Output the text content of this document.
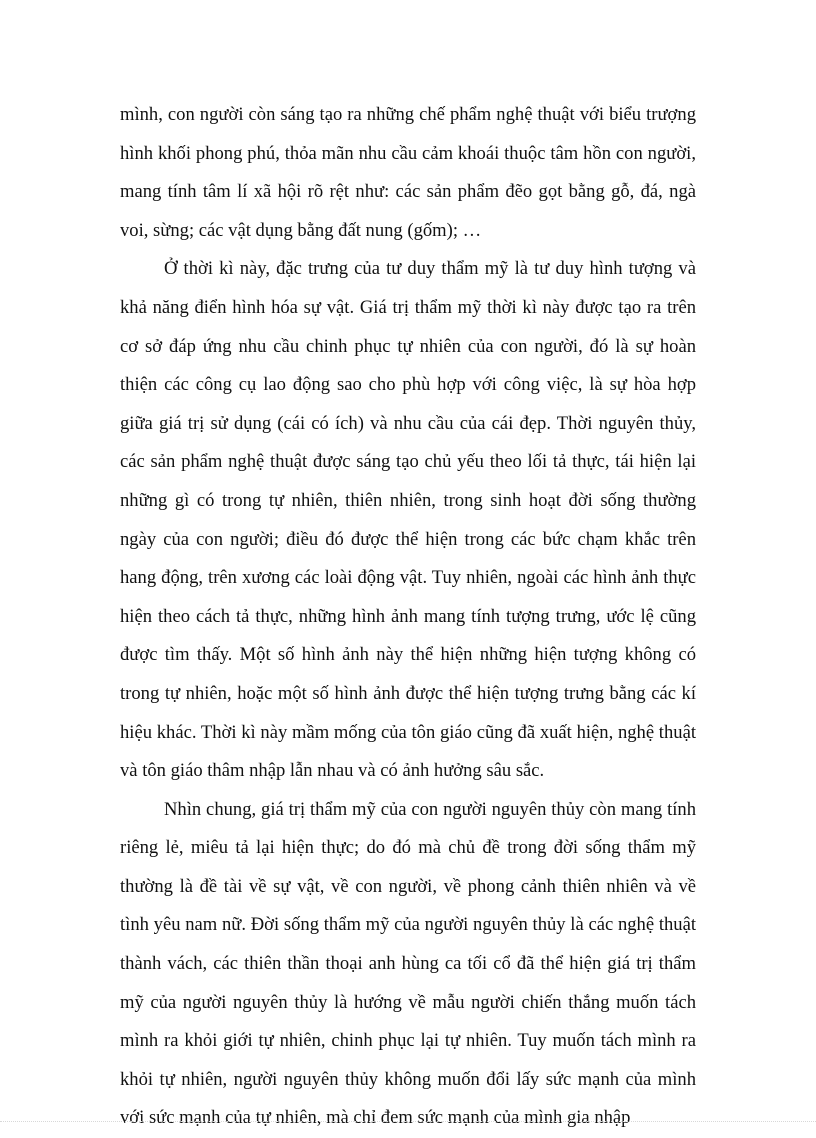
mình, con người còn sáng tạo ra những chế phẩm nghệ thuật với biểu trượng hình khối phong phú, thỏa mãn nhu cầu cảm khoái thuộc tâm hồn con người, mang tính tâm lí xã hội rõ rệt như: các sản phẩm đẽo gọt bằng gỗ, đá, ngà voi, sừng; các vật dụng bằng đất nung (gốm); …

Ở thời kì này, đặc trưng của tư duy thẩm mỹ là tư duy hình tượng và khả năng điển hình hóa sự vật. Giá trị thẩm mỹ thời kì này được tạo ra trên cơ sở đáp ứng nhu cầu chinh phục tự nhiên của con người, đó là sự hoàn thiện các công cụ lao động sao cho phù hợp với công việc, là sự hòa hợp giữa giá trị sử dụng (cái có ích) và nhu cầu của cái đẹp. Thời nguyên thủy, các sản phẩm nghệ thuật được sáng tạo chủ yếu theo lối tả thực, tái hiện lại những gì có trong tự nhiên, thiên nhiên, trong sinh hoạt đời sống thường ngày của con người; điều đó được thể hiện trong các bức chạm khắc trên hang động, trên xương các loài động vật. Tuy nhiên, ngoài các hình ảnh thực hiện theo cách tả thực, những hình ảnh mang tính tượng trưng, ước lệ cũng được tìm thấy. Một số hình ảnh này thể hiện những hiện tượng không có trong tự nhiên, hoặc một số hình ảnh được thể hiện tượng trưng bằng các kí hiệu khác. Thời kì này mầm mống của tôn giáo cũng đã xuất hiện, nghệ thuật và tôn giáo thâm nhập lẫn nhau và có ảnh hưởng sâu sắc.

Nhìn chung, giá trị thẩm mỹ của con người nguyên thủy còn mang tính riêng lẻ, miêu tả lại hiện thực; do đó mà chủ đề trong đời sống thẩm mỹ thường là đề tài về sự vật, về con người, về phong cảnh thiên nhiên và về tình yêu nam nữ. Đời sống thẩm mỹ của người nguyên thủy là các nghệ thuật thành vách, các thiên thần thoại anh hùng ca tối cổ đã thể hiện giá trị thẩm mỹ của người nguyên thủy là hướng về mẫu người chiến thắng muốn tách mình ra khỏi giới tự nhiên, chinh phục lại tự nhiên. Tuy muốn tách mình ra khỏi tự nhiên, người nguyên thủy không muốn đổi lấy sức mạnh của mình với sức mạnh của tự nhiên, mà chỉ đem sức mạnh của mình gia nhập
